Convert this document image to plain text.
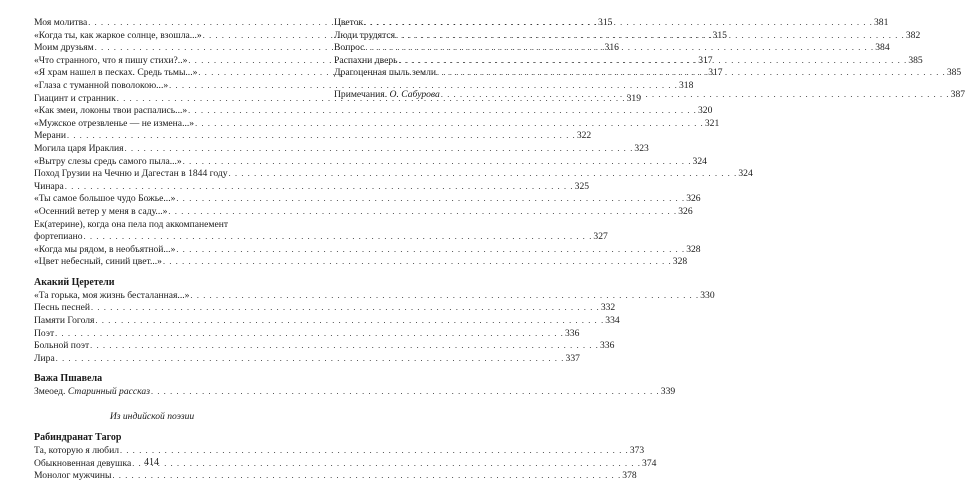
Моя молитва . . .	315
«Когда ты, как жаркое солнце, взошла...» . . .	315
Моим друзьям . . .	316
«Что странного, что я пишу стихи?..» . . .	317
«Я храм нашел в песках. Средь тьмы...» . . .	317
«Глаза с туманной поволокою...» . . .	318
Гиацинт и странник . . .	319
«Как змеи, локоны твои распались...» . . .	320
«Мужское отрезвленье — не измена...» . . .	321
Мерани . . .	322
Могила царя Ираклия . . .	323
«Вытру слезы средь самого пыла...» . . .	324
Поход Грузии на Чечню и Дагестан в 1844 году . . .	324
Чинара . . .	325
«Ты самое большое чудо Божье...» . . .	326
«Осенний ветер у меня в саду...» . . .	326
Ек(атерине), когда она пела под аккомпанемент
фортепиано . . .	327
«Когда мы рядом, в необъятной...» . . .	328
«Цвет небесный, синий цвет...» . . .	328
Акакий Церетели
«Та горька, моя жизнь бесталанная...» . . .	330
Песнь песней . . .	332
Памяти Гоголя . . .	334
Поэт . . .	336
Больной поэт . . .	336
Лира . . .	337
Важа Пшавела
Змеоед. Старинный рассказ . . .	339
Из индийской поэзии
Рабиндранат Тагор
Та, которую я любил . . .	373
Обыкновенная девушка . . .	374
Монолог мужчины . . .	378
Цветок . . .	381
Люди трудятся . . .	382
Вопрос . . .	384
Распахни дверь . . .	385
Драгоценная пыль земли . . .	385
Примечания. О. Сабурова . . .	387
414
